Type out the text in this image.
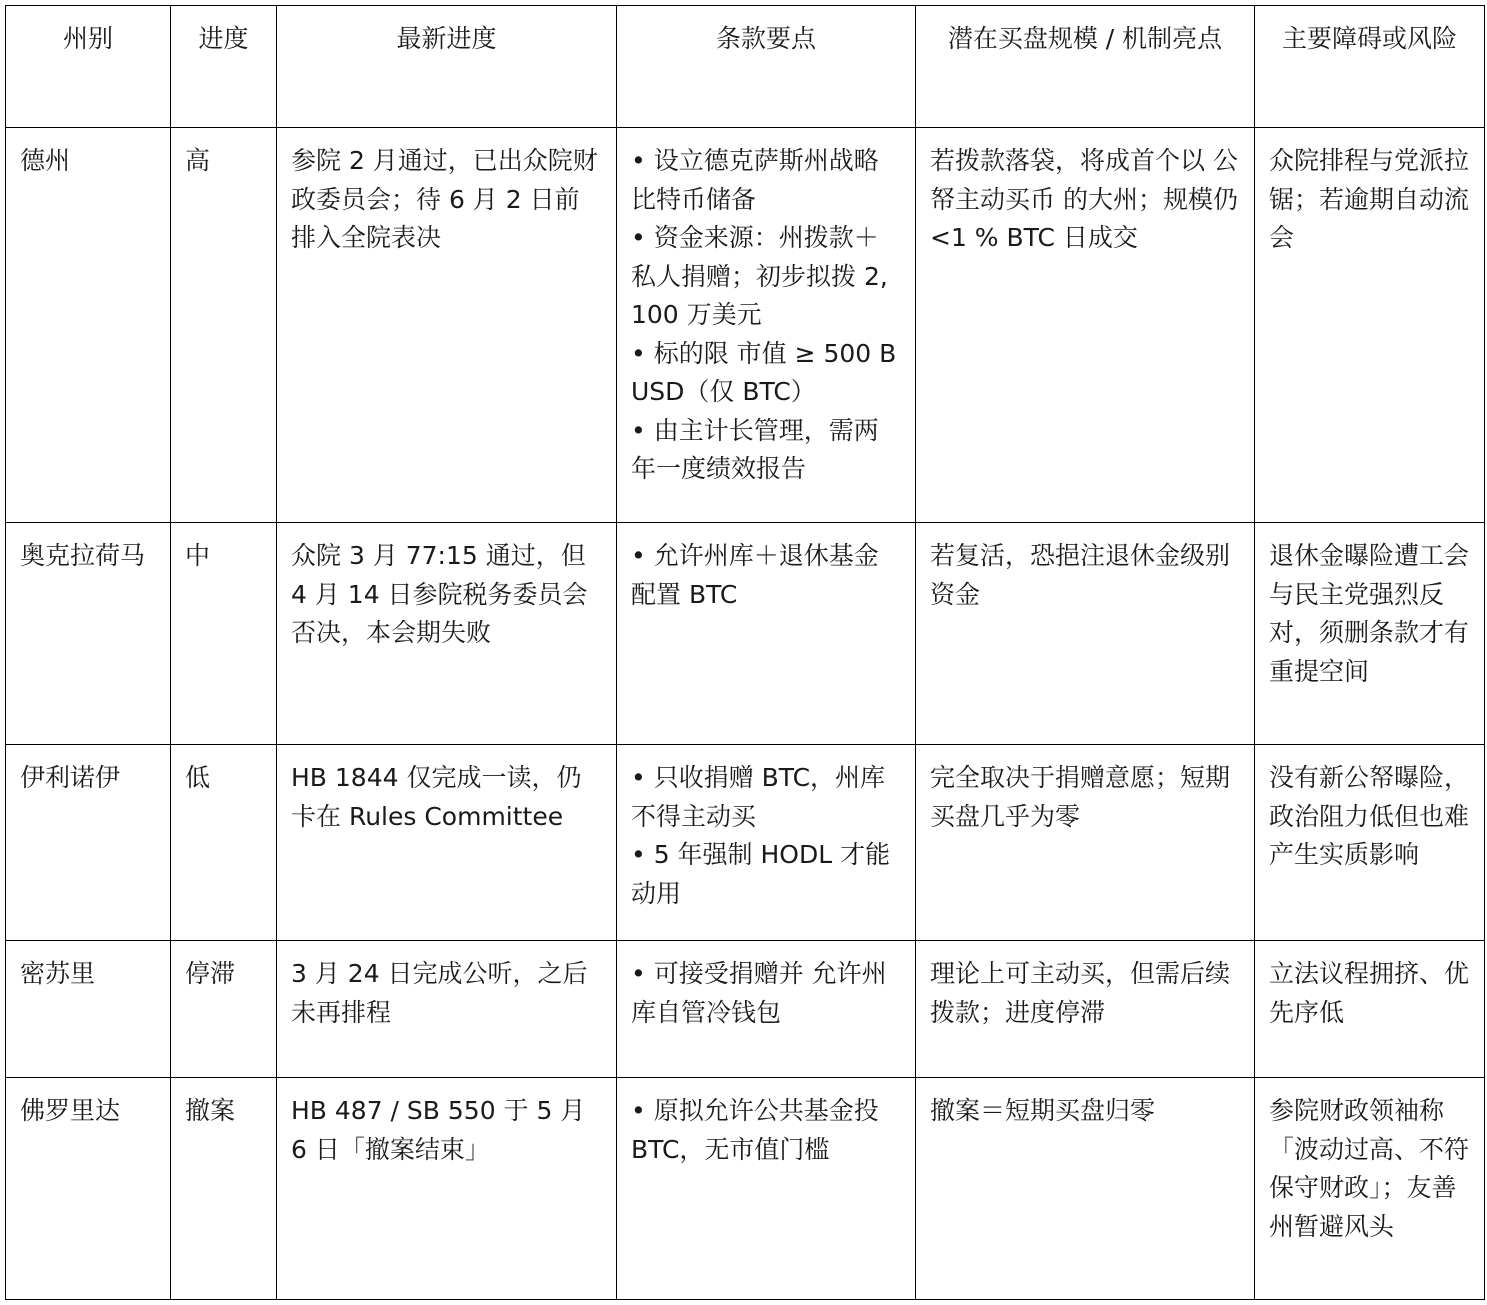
州别	进度	最新进度	条款要点	潜在买盘规模 / 机制亮点	主要障碍或风险
德州	高	参院 2 月通过，已出众院财政委员会；待 6 月 2 日前排入全院表决	• 设立德克萨斯州战略比特币储备
• 资金来源：州拨款＋私人捐赠；初步拟拨 2,100 万美元
• 标的限 市值 ≥ 500 B USD（仅 BTC）
• 由主计长管理，需两年一度绩效报告	若拨款落袋，将成首个以 公帑主动买币 的大州；规模仍 <1 % BTC 日成交	众院排程与党派拉锯；若逾期自动流会
奥克拉荷马	中	众院 3 月 77:15 通过，但 4 月 14 日参院税务委员会否决，本会期失败	• 允许州库＋退休基金 配置 BTC	若复活，恐挹注退休金级别资金	退休金曝险遭工会与民主党强烈反对，须删条款才有重提空间
伊利诺伊	低	HB 1844 仅完成一读，仍卡在 Rules Committee	• 只收捐赠 BTC，州库不得主动买
• 5 年强制 HODL 才能动用	完全取决于捐赠意愿；短期买盘几乎为零	没有新公帑曝险，政治阻力低但也难产生实质影响
密苏里	停滞	3 月 24 日完成公听，之后未再排程	• 可接受捐赠并 允许州库自管冷钱包	理论上可主动买，但需后续拨款；进度停滞	立法议程拥挤、优先序低
佛罗里达	撤案	HB 487 / SB 550 于 5 月 6 日「撤案结束」	• 原拟允许公共基金投 BTC，无市值门槛	撤案＝短期买盘归零	参院财政领袖称「波动过高、不符保守财政」；友善州暂避风头
